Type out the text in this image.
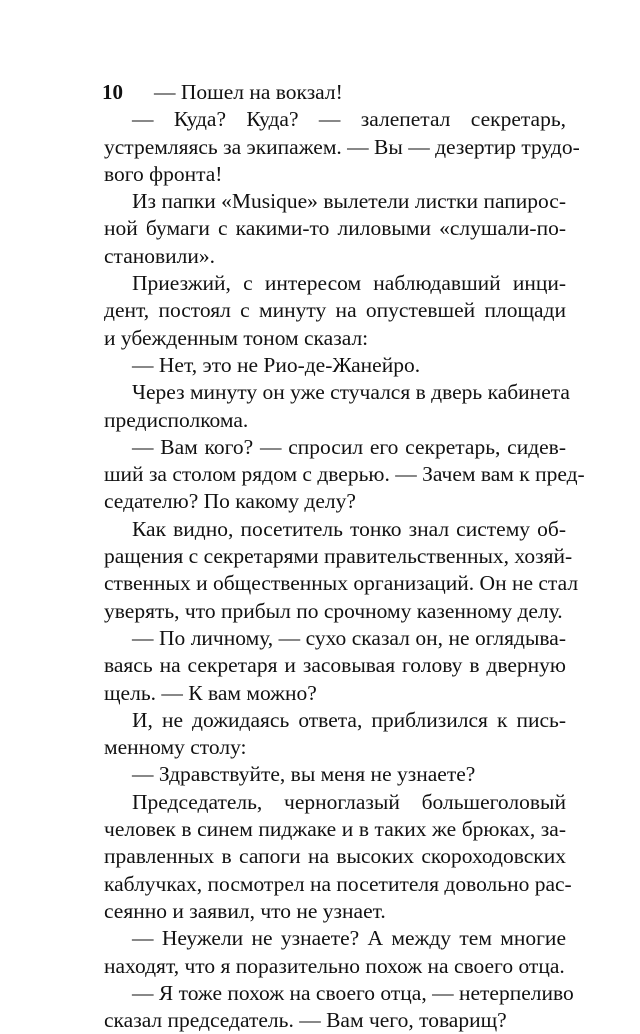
10	— Пошел на вокзал!
— Куда? Куда? — залепетал секретарь,
устремляясь за экипажем. — Вы — дезертир трудо-
вого фронта!
Из папки «Musique» вылетели листки папирос-
ной бумаги с какими-то лиловыми «слушали-по-
становили».
Приезжий, с интересом наблюдавший инци-
дент, постоял с минуту на опустевшей площади
и убежденным тоном сказал:
— Нет, это не Рио-де-Жанейро.
Через минуту он уже стучался в дверь кабинета
предисполкома.
— Вам кого? — спросил его секретарь, сидев-
ший за столом рядом с дверью. — Зачем вам к пред-
седателю? По какому делу?
Как видно, посетитель тонко знал систему об-
ращения с секретарями правительственных, хозяй-
ственных и общественных организаций. Он не стал
уверять, что прибыл по срочному казенному делу.
— По личному, — сухо сказал он, не оглядыва-
ваясь на секретаря и засовывая голову в дверную
щель. — К вам можно?
И, не дожидаясь ответа, приблизился к пись-
менному столу:
— Здравствуйте, вы меня не узнаете?
Председатель, черноглазый большеголовый
человек в синем пиджаке и в таких же брюках, за-
правленных в сапоги на высоких скороходовских
каблучках, посмотрел на посетителя довольно рас-
сеянно и заявил, что не узнает.
— Неужели не узнаете? А между тем многие
находят, что я поразительно похож на своего отца.
— Я тоже похож на своего отца, — нетерпеливо
сказал председатель. — Вам чего, товарищ?
